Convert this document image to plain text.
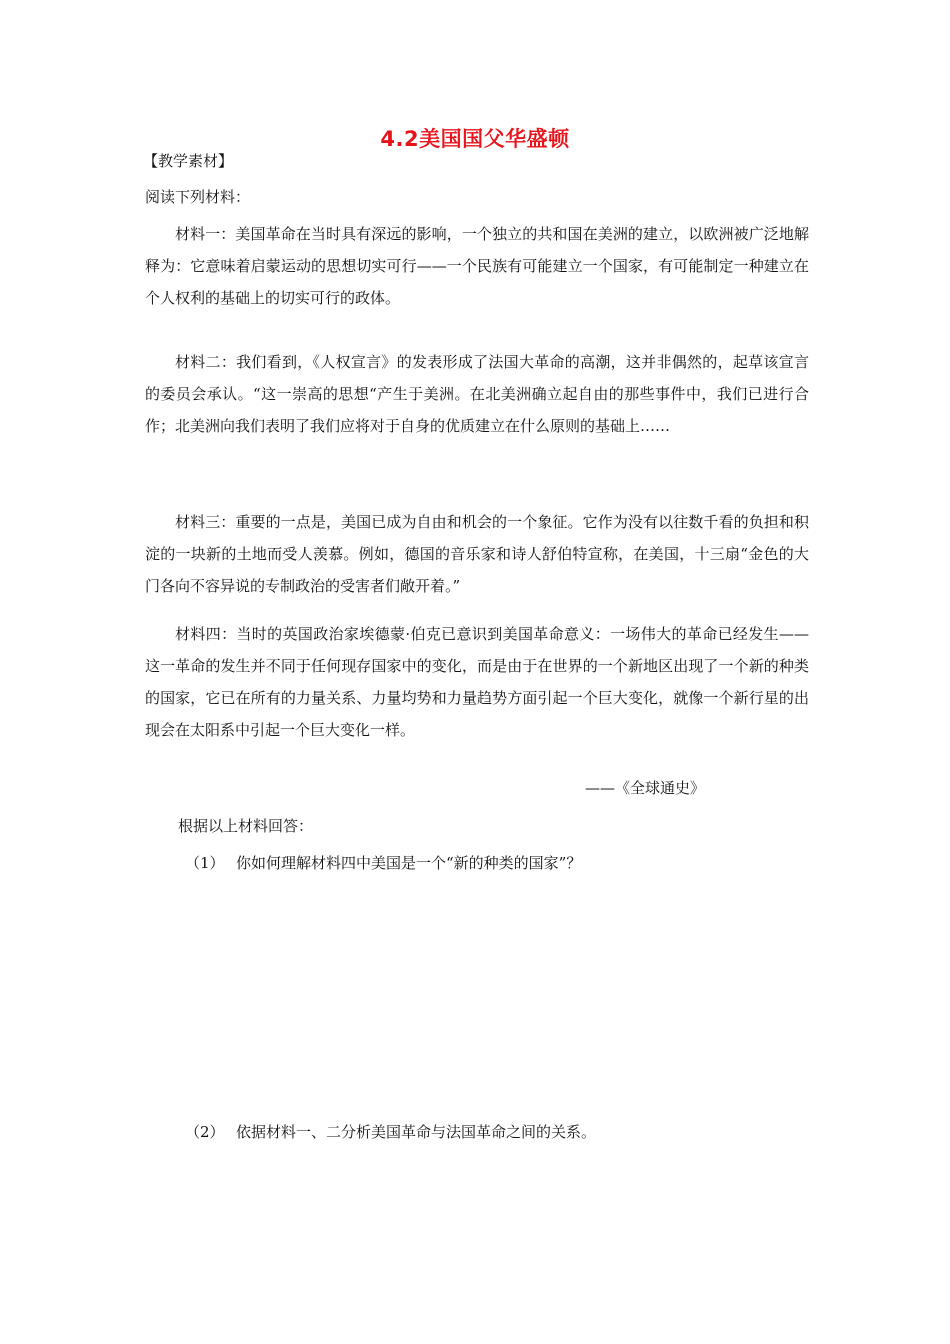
4.2美国国父华盛顿
【教学素材】
阅读下列材料：
材料一：美国革命在当时具有深远的影响，一个独立的共和国在美洲的建立，以欧洲被广泛地解释为：它意味着启蒙运动的思想切实可行——一个民族有可能建立一个国家，有可能制定一种建立在个人权利的基础上的切实可行的政体。
材料二：我们看到，《人权宣言》的发表形成了法国大革命的高潮，这并非偶然的，起草该宣言的委员会承认。“这一崇高的思想“产生于美洲。在北美洲确立起自由的那些事件中，我们已进行合作；北美洲向我们表明了我们应将对于自身的优质建立在什么原则的基础上……
材料三：重要的一点是，美国已成为自由和机会的一个象征。它作为没有以往数千看的负担和积淀的一块新的土地而受人羡慕。例如，德国的音乐家和诗人舒伯特宣称，在美国，十三扇“金色的大门各向不容异说的专制政治的受害者们敞开着。”
材料四：当时的英国政治家埃德蒙·伯克已意识到美国革命意义：一场伟大的革命已经发生——这一革命的发生并不同于任何现存国家中的变化，而是由于在世界的一个新地区出现了一个新的种类的国家，它已在所有的力量关系、力量均势和力量趋势方面引起一个巨大变化，就像一个新行星的出现会在太阳系中引起一个巨大变化一样。
——《全球通史》
根据以上材料回答：
（1） 你如何理解材料四中美国是一个“新的种类的国家”？
（2） 依据材料一、二分析美国革命与法国革命之间的关系。
